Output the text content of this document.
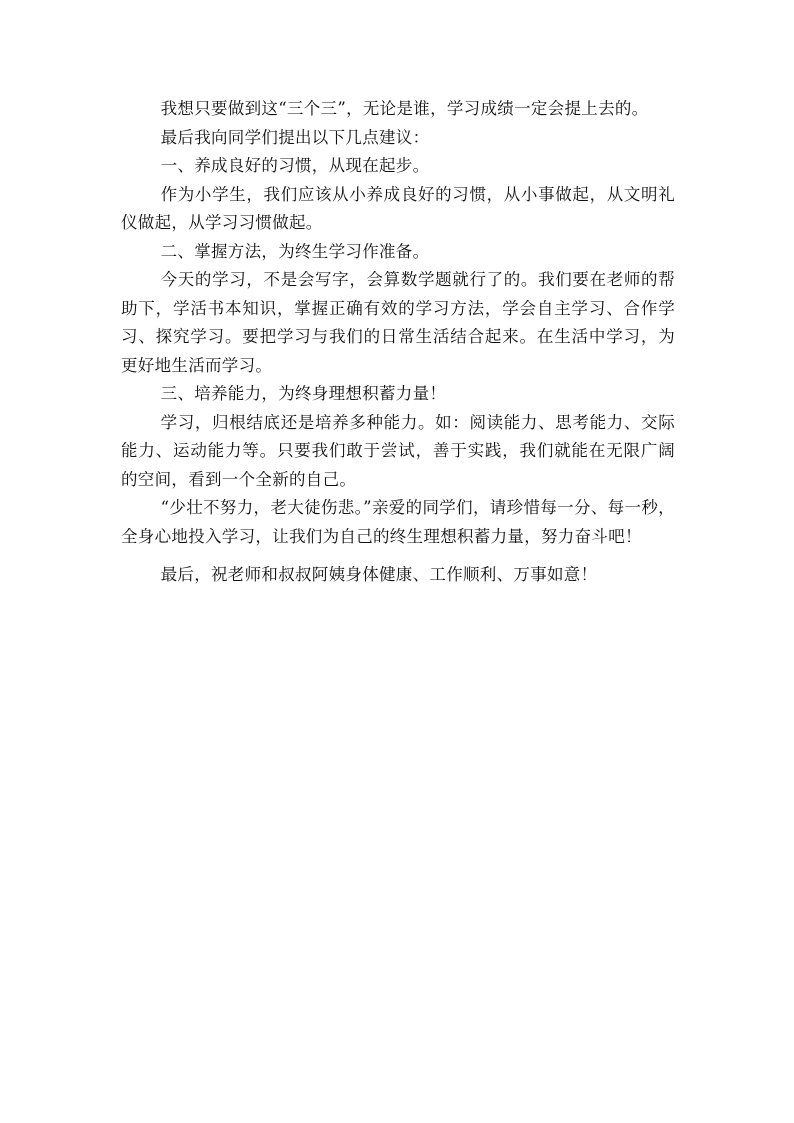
我想只要做到这“三个三”，无论是谁，学习成绩一定会提上去的。

最后我向同学们提出以下几点建议：

一、养成良好的习惯，从现在起步。

作为小学生，我们应该从小养成良好的习惯，从小事做起，从文明礼仪做起，从学习习惯做起。

二、掌握方法，为终生学习作准备。

今天的学习，不是会写字，会算数学题就行了的。我们要在老师的帮助下，学活书本知识，掌握正确有效的学习方法，学会自主学习、合作学习、探究学习。要把学习与我们的日常生活结合起来。在生活中学习，为更好地生活而学习。

三、培养能力，为终身理想积蓄力量！

学习，归根结底还是培养多种能力。如：阅读能力、思考能力、交际能力、运动能力等。只要我们敢于尝试，善于实践，我们就能在无限广阔的空间，看到一个全新的自己。

“少壮不努力，老大徒伤悲。”亲爱的同学们，请珍惜每一分、每一秒，全身心地投入学习，让我们为自己的终生理想积蓄力量，努力奋斗吧！

最后，祝老师和叔叔阿姨身体健康、工作顺利、万事如意！
